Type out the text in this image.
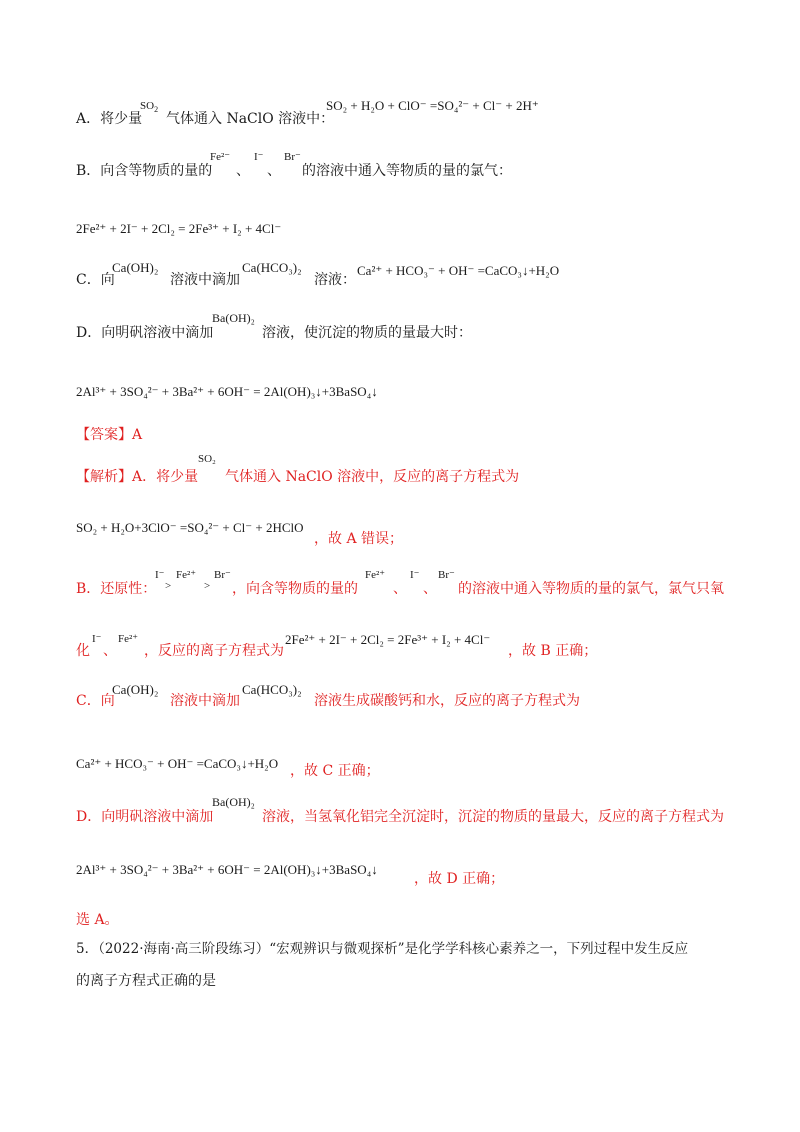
A．将少量
$SO_2$
气体通入 NaClO 溶液中：
SO₂ + H₂O + ClO⁻ =SO₄²⁻ + Cl⁻ + 2H⁺
B．向含等物质的量的
Fe²⁻
、
I⁻
、
Br⁻
的溶液中通入等物质的量的氯气：
2Fe²⁺ + 2I⁻ + 2Cl₂ = 2Fe³⁺ + I₂ + 4Cl⁻
C．向
Ca(OH)₂
溶液中滴加
Ca(HCO₃)₂
溶液：
Ca²⁺ + HCO₃⁻ + OH⁻ =CaCO₃↓+H₂O
D．向明矾溶液中滴加
Ba(OH)₂
溶液，使沉淀的物质的量最大时：
2Al³⁺ + 3SO₄²⁻ + 3Ba²⁺ + 6OH⁻ = 2Al(OH)₃↓+3BaSO₄↓
【答案】A
【解析】A．将少量
SO₂
气体通入 NaClO 溶液中，反应的离子方程式为
SO₂ + H₂O+3ClO⁻ =SO₄²⁻ + Cl⁻ + 2HClO
，故 A 错误；
B．还原性：
I⁻
>
Fe²⁺
>
Br⁻
，向含等物质的量的
Fe²⁺
、
I⁻
、
Br⁻
的溶液中通入等物质的量的氯气，氯气只氧
化
I⁻
、
Fe²⁺
，反应的离子方程式为
2Fe²⁺ + 2I⁻ + 2Cl₂ = 2Fe³⁺ + I₂ + 4Cl⁻
，故 B 正确；
C．向
Ca(OH)₂
溶液中滴加
Ca(HCO₃)₂
溶液生成碳酸钙和水，反应的离子方程式为
Ca²⁺ + HCO₃⁻ + OH⁻ =CaCO₃↓+H₂O ，故 C 正确；
D．向明矾溶液中滴加
Ba(OH)₂
溶液，当氢氧化铝完全沉淀时，沉淀的物质的量最大，反应的离子方程式为
2Al³⁺ + 3SO₄²⁻ + 3Ba²⁺ + 6OH⁻ = 2Al(OH)₃↓+3BaSO₄↓
，故 D 正确；
选 A。
5．（2022·海南·高三阶段练习）“宏观辨识与微观探析”是化学学科核心素养之一，下列过程中发生反应
的离子方程式正确的是
